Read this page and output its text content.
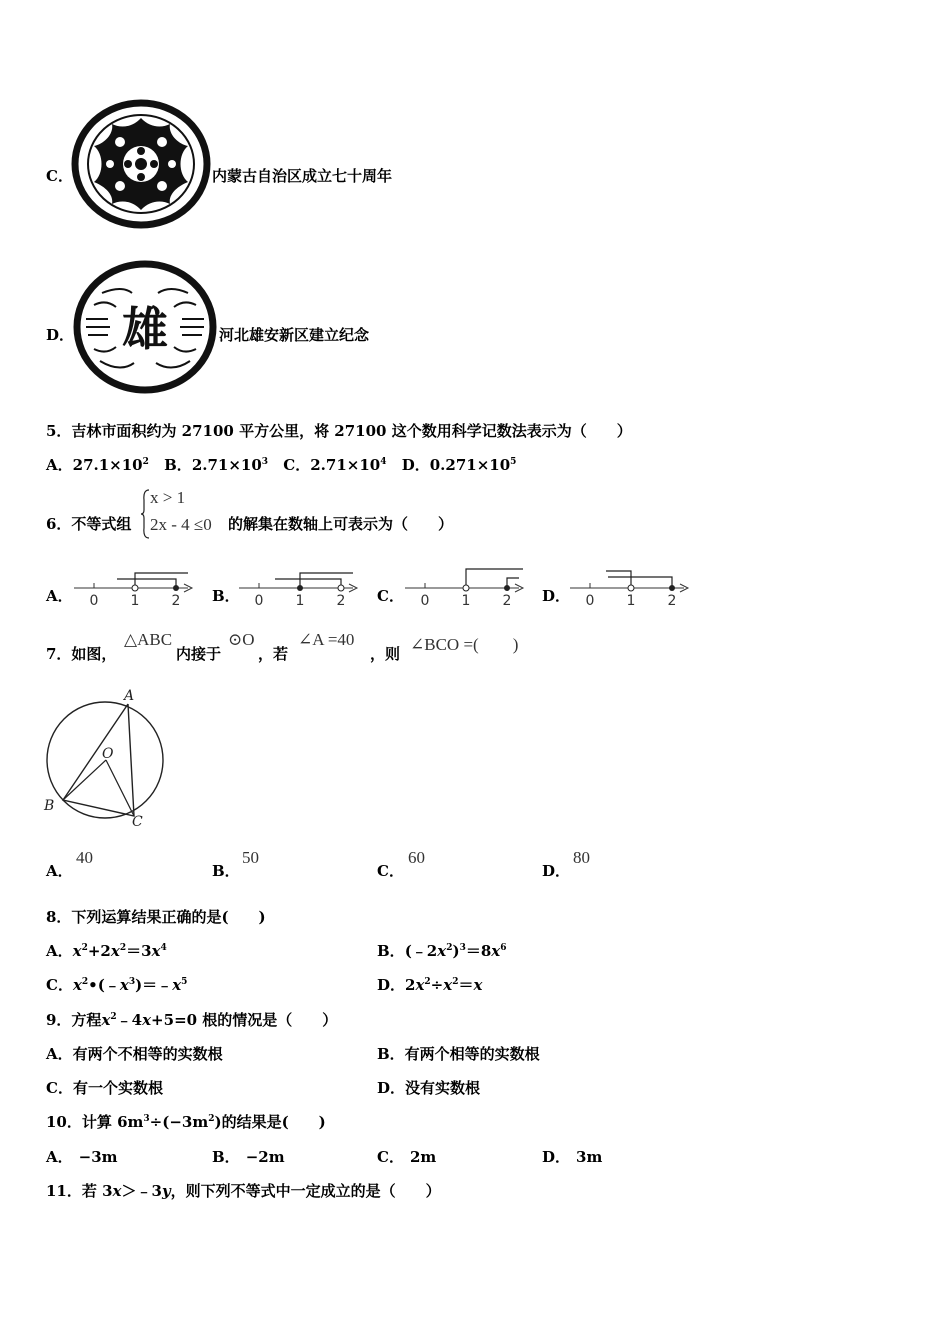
C．	内蒙古自治区成立七十周年
D． 雄	河北雄安新区建立纪念
5．吉林市面积约为 27100 平方公里，将 27100 这个数用科学记数法表示为（　　）
A．$27.1\times 10^2$ B．$2.71\times 10^3$ C．$2.71\times 10^4$ D．$0.271\times 10^5$
6．不等式组
x > 1
2x - 4 ≤0 的解集在数轴上可表示为（　　）
A． 0 1 2 B． 0 1 2 C． 0 1 2 D． 0 1 2
7．如图，
△ABC
内接于
⊙O
，若
∠A =40
，则 ∠BCO =(　　)
A
O
B
C
A．
40
B．
50
C．
60
D．
80
8．下列运算结果正确的是(　　)
A．$x^2+2x^2=3x^4$	B．$(﹣2x^2)^3=8x^6$
C．$x^2•(﹣x^3)=﹣x^5$	D．$2x^2\div x^2=x$
9．方程$x^2﹣4x+5=0$ 根的情况是（　　）
A．有两个不相等的实数根	B．有两个相等的实数根
C．有一个实数根	D．没有实数根
10．计算 $6m^3\div(-3m^2)$的结果是(　　)
A． −3m	B． −2m	C． 2m	D． 3m
11．若 3x＞﹣3y，则下列不等式中一定成立的是（　　）
